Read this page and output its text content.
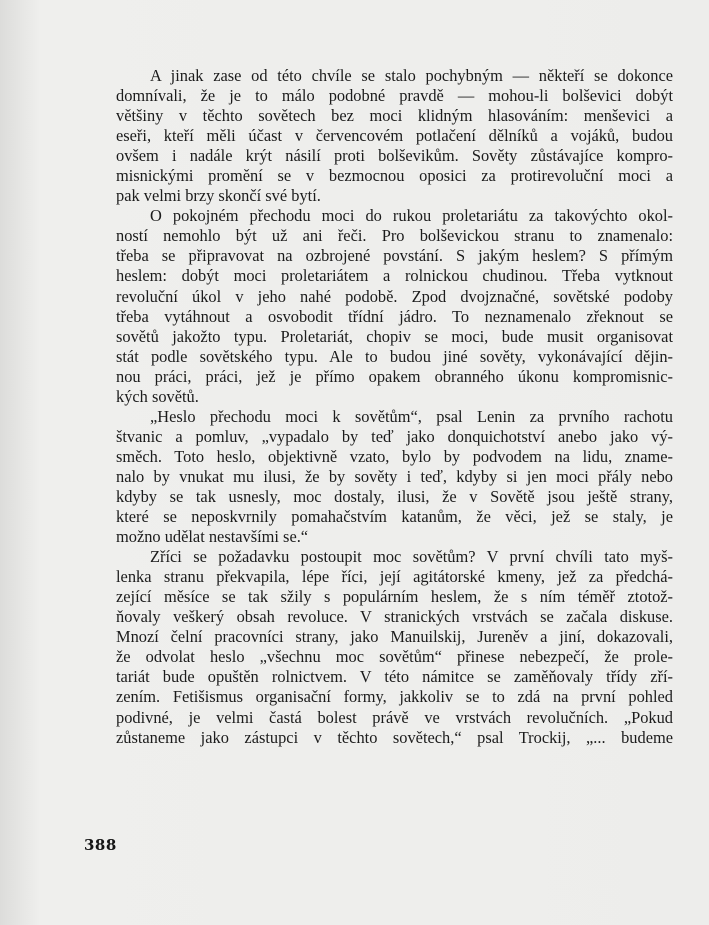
A jinak zase od této chvíle se stalo pochybným — někteří se dokonce
domnívali, že je to málo podobné pravdě — mohou-li bolševici dobýt
většiny v těchto sovětech bez moci klidným hlasováním: menševici a
eseři, kteří měli účast v červencovém potlačení dělníků a vojáků, budou
ovšem i nadále krýt násilí proti bolševikům. Sověty zůstávajíce kompro-
misnickými promění se v bezmocnou oposici za protirevoluční moci a
pak velmi brzy skončí své bytí.
O pokojném přechodu moci do rukou proletariátu za takovýchto okol-
ností nemohlo být už ani řeči. Pro bolševickou stranu to znamenalo:
třeba se připravovat na ozbrojené povstání. S jakým heslem? S přímým
heslem: dobýt moci proletariátem a rolnickou chudinou. Třeba vytknout
revoluční úkol v jeho nahé podobě. Zpod dvojznačné, sovětské podoby
třeba vytáhnout a osvobodit třídní jádro. To neznamenalo zřeknout se
sovětů jakožto typu. Proletariát, chopiv se moci, bude musit organisovat
stát podle sovětského typu. Ale to budou jiné sověty, vykonávající dějin-
nou práci, práci, jež je přímo opakem obranného úkonu kompromisnic-
kých sovětů.
„Heslo přechodu moci k sovětům“, psal Lenin za prvního rachotu
štvanic a pomluv, „vypadalo by teď jako donquichotství anebo jako vý-
směch. Toto heslo, objektivně vzato, bylo by podvodem na lidu, zname-
nalo by vnukat mu ilusi, že by sověty i teď, kdyby si jen moci přály nebo
kdyby se tak usnesly, moc dostaly, ilusi, že v Sovětě jsou ještě strany,
které se neposkvrnily pomahačstvím katanům, že věci, jež se staly, je
možno udělat nestavšími se.“
Zříci se požadavku postoupit moc sovětům? V první chvíli tato myš-
lenka stranu překvapila, lépe říci, její agitátorské kmeny, jež za předchá-
zející měsíce se tak sžily s populárním heslem, že s ním téměř ztotož-
ňovaly veškerý obsah revoluce. V stranických vrstvách se začala diskuse.
Mnozí čelní pracovníci strany, jako Manuilskij, Jureněv a jiní, dokazovali,
že odvolat heslo „všechnu moc sovětům“ přinese nebezpečí, že prole-
tariát bude opuštěn rolnictvem. V této námitce se zaměňovaly třídy zří-
zením. Fetišismus organisační formy, jakkoliv se to zdá na první pohled
podivné, je velmi častá bolest právě ve vrstvách revolučních. „Pokud
zůstaneme jako zástupci v těchto sovětech,“ psal Trockij, „... budeme
388
